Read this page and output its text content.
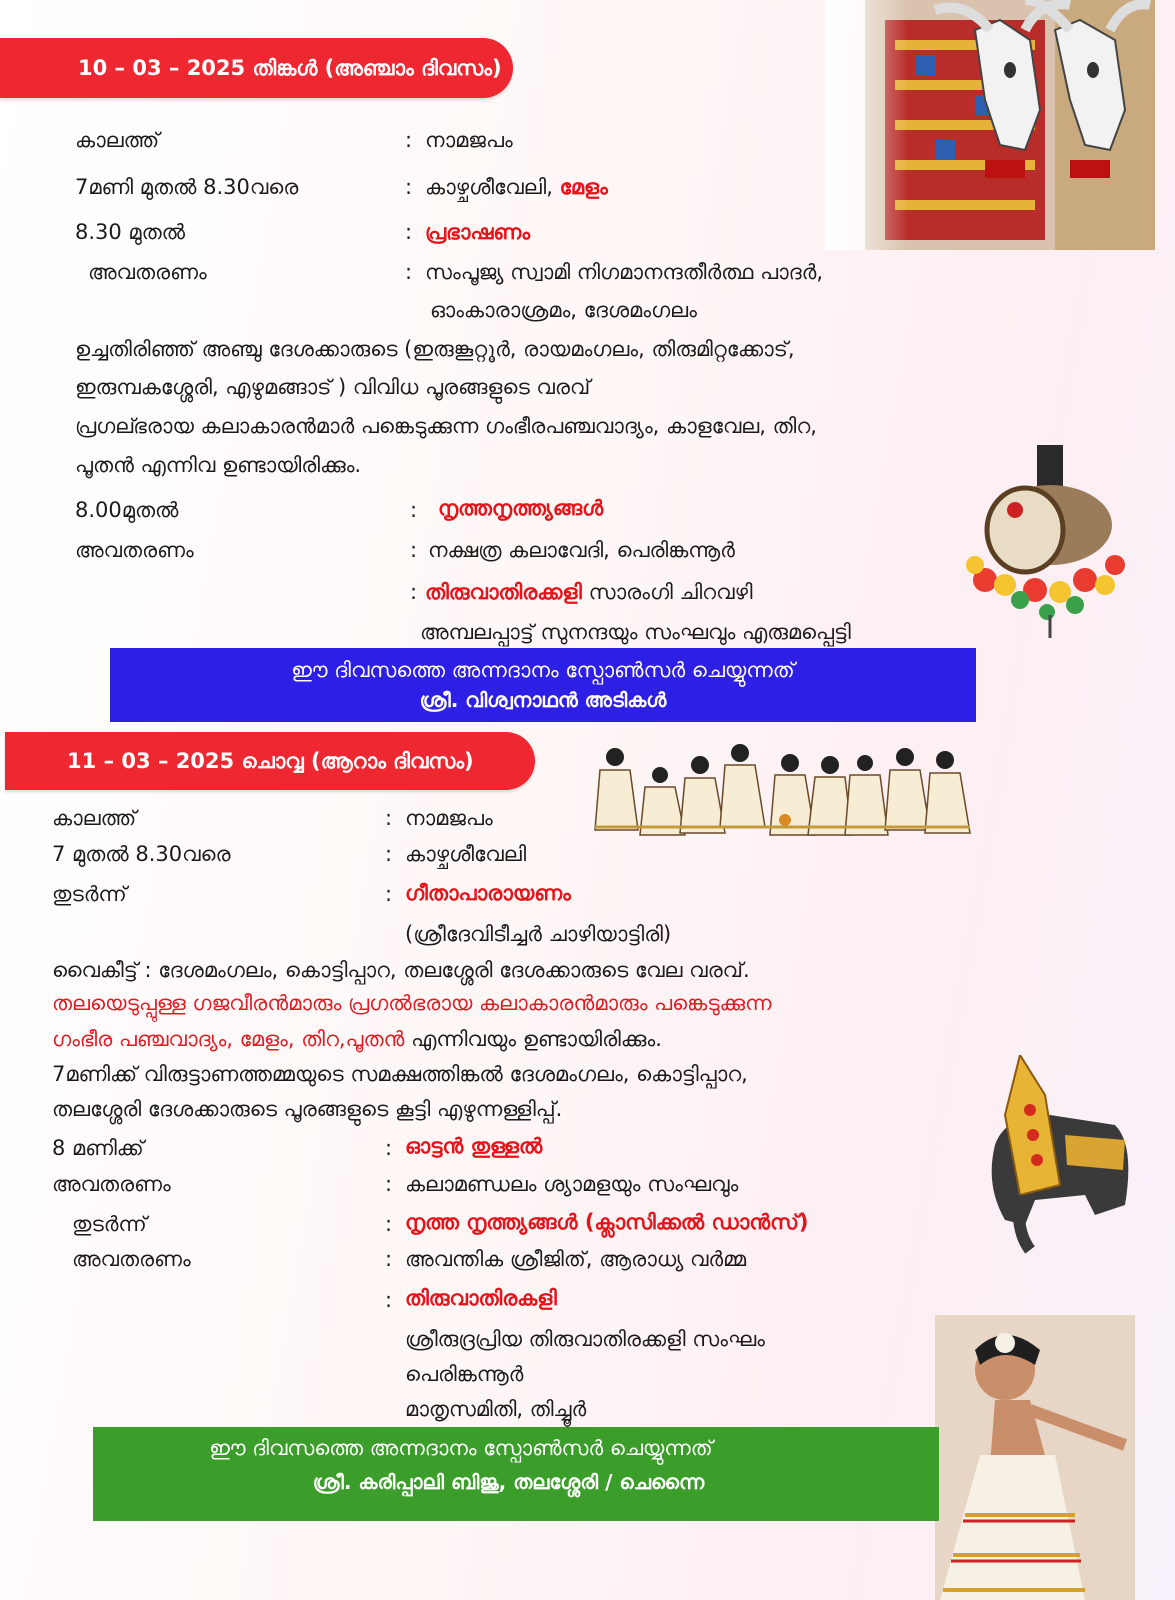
10 – 03 – 2025 തിങ്കൾ (അഞ്ചാം ദിവസം)
കാലത്ത്	: നാമജപം
7മണി മുതൽ 8.30വരെ	: കാഴ്ചശീവേലി, മേളം
8.30 മുതൽ	: പ്രഭാഷണം
അവതരണം	: സംപൂജ്യ സ്വാമി നിഗമാനന്ദതീർത്ഥ പാദർ,
ഓംകാരാശ്രമം, ദേശമംഗലം
ഉച്ചതിരിഞ്ഞ് അഞ്ചു ദേശക്കാരുടെ (ഇരുങ്കൂറ്റൂർ, രായമംഗലം, തിരുമിറ്റക്കോട്,
ഇരുമ്പകശ്ശേരി, എഴുമങ്ങാട് ) വിവിധ പൂരങ്ങളുടെ വരവ്
പ്രഗല്ഭരായ കലാകാരൻമാർ പങ്കെടുക്കുന്ന ഗംഭീരപഞ്ചവാദ്യം, കാളവേല, തിറ,
പൂതൻ എന്നിവ ഉണ്ടായിരിക്കും.
8.00മുതൽ	: നൃത്തനൃത്ത്യങ്ങൾ
അവതരണം	: നക്ഷത്ര കലാവേദി, പെരിങ്കന്നൂർ
: തിരുവാതിരക്കളി സാരംഗി ചിറവഴി
അമ്പലപ്പാട്ട് സുനന്ദയും സംഘവും എരുമപ്പെട്ടി
ഈ ദിവസത്തെ അന്നദാനം സ്പോൺസർ ചെയ്യുന്നത്
ശ്രീ. വിശ്വനാഥൻ അടികൾ
11 – 03 – 2025 ചൊവ്വ (ആറാം ദിവസം)
കാലത്ത്	: നാമജപം
7 മുതൽ 8.30വരെ	: കാഴ്ചശീവേലി
തുടർന്ന്	: ഗീതാപാരായണം
(ശ്രീദേവിടീച്ചർ ചാഴിയാട്ടിരി)
വൈകീട്ട് : ദേശമംഗലം, കൊട്ടിപ്പാറ, തലശ്ശേരി ദേശക്കാരുടെ വേല വരവ്.
തലയെടുപ്പുള്ള ഗജവീരൻമാരും പ്രഗൽഭരായ കലാകാരൻമാരും പങ്കെടുക്കുന്ന
ഗംഭീര പഞ്ചവാദ്യം, മേളം, തിറ,പൂതൻ എന്നിവയും ഉണ്ടായിരിക്കും.
7മണിക്ക് വിരുട്ടാണത്തമ്മയുടെ സമക്ഷത്തിങ്കൽ ദേശമംഗലം, കൊട്ടിപ്പാറ,
തലശ്ശേരി ദേശക്കാരുടെ പൂരങ്ങളുടെ കൂട്ടി എഴുന്നള്ളിപ്പ്.
8 മണിക്ക്	: ഓട്ടൻ തുള്ളൽ
അവതരണം	: കലാമണ്ഡലം ശ്യാമളയും സംഘവും
തുടർന്ന്	: നൃത്ത നൃത്ത്യങ്ങൾ (ക്ലാസിക്കൽ ഡാൻസ്)
അവതരണം	: അവന്തിക ശ്രീജിത്, ആരാധ്യ വർമ്മ
: തിരുവാതിരകളി
ശ്രീരുദ്രപ്രിയ തിരുവാതിരക്കളി സംഘം
പെരിങ്കന്നൂർ
മാതൃസമിതി, തിച്ചൂർ
ഈ ദിവസത്തെ അന്നദാനം സ്പോൺസർ ചെയ്യുന്നത്
ശ്രീ. കരിപ്പാലി ബിജു, തലശ്ശേരി / ചെന്നൈ
